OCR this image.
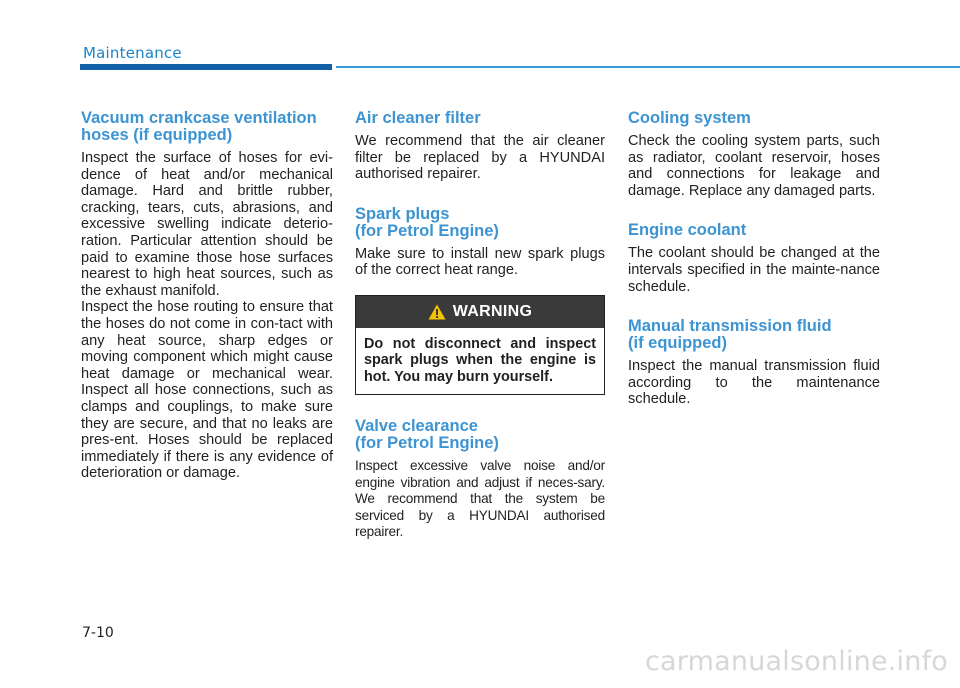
Maintenance
Vacuum crankcase ventilation
hoses (if equipped)

Inspect the surface of hoses for evi-dence of heat and/or mechanical damage. Hard and brittle rubber, cracking, tears, cuts, abrasions, and excessive swelling indicate deterio-ration. Particular attention should be paid to examine those hose surfaces nearest to high heat sources, such as the exhaust manifold.

Inspect the hose routing to ensure that the hoses do not come in con-tact with any heat source, sharp edges or moving component which might cause heat damage or mechanical wear. Inspect all hose connections, such as clamps and couplings, to make sure they are secure, and that no leaks are pres-ent. Hoses should be replaced immediately if there is any evidence of deterioration or damage.

Air cleaner filter

We recommend that the air cleaner filter be replaced by a HYUNDAI authorised repairer.

Spark plugs
(for Petrol Engine)

Make sure to install new spark plugs of the correct heat range.

WARNING
Do not disconnect and inspect spark plugs when the engine is hot. You may burn yourself.
Valve clearance
(for Petrol Engine)

Inspect excessive valve noise and/or engine vibration and adjust if neces-sary. We recommend that the system be serviced by a HYUNDAI authorised repairer.

Cooling system

Check the cooling system parts, such as radiator, coolant reservoir, hoses and connections for leakage and damage. Replace any damaged parts.

Engine coolant

The coolant should be changed at the intervals specified in the mainte-nance schedule.

Manual transmission fluid
(if equipped)

Inspect the manual transmission fluid according to the maintenance schedule.

7-10
carmanualsonline.info
